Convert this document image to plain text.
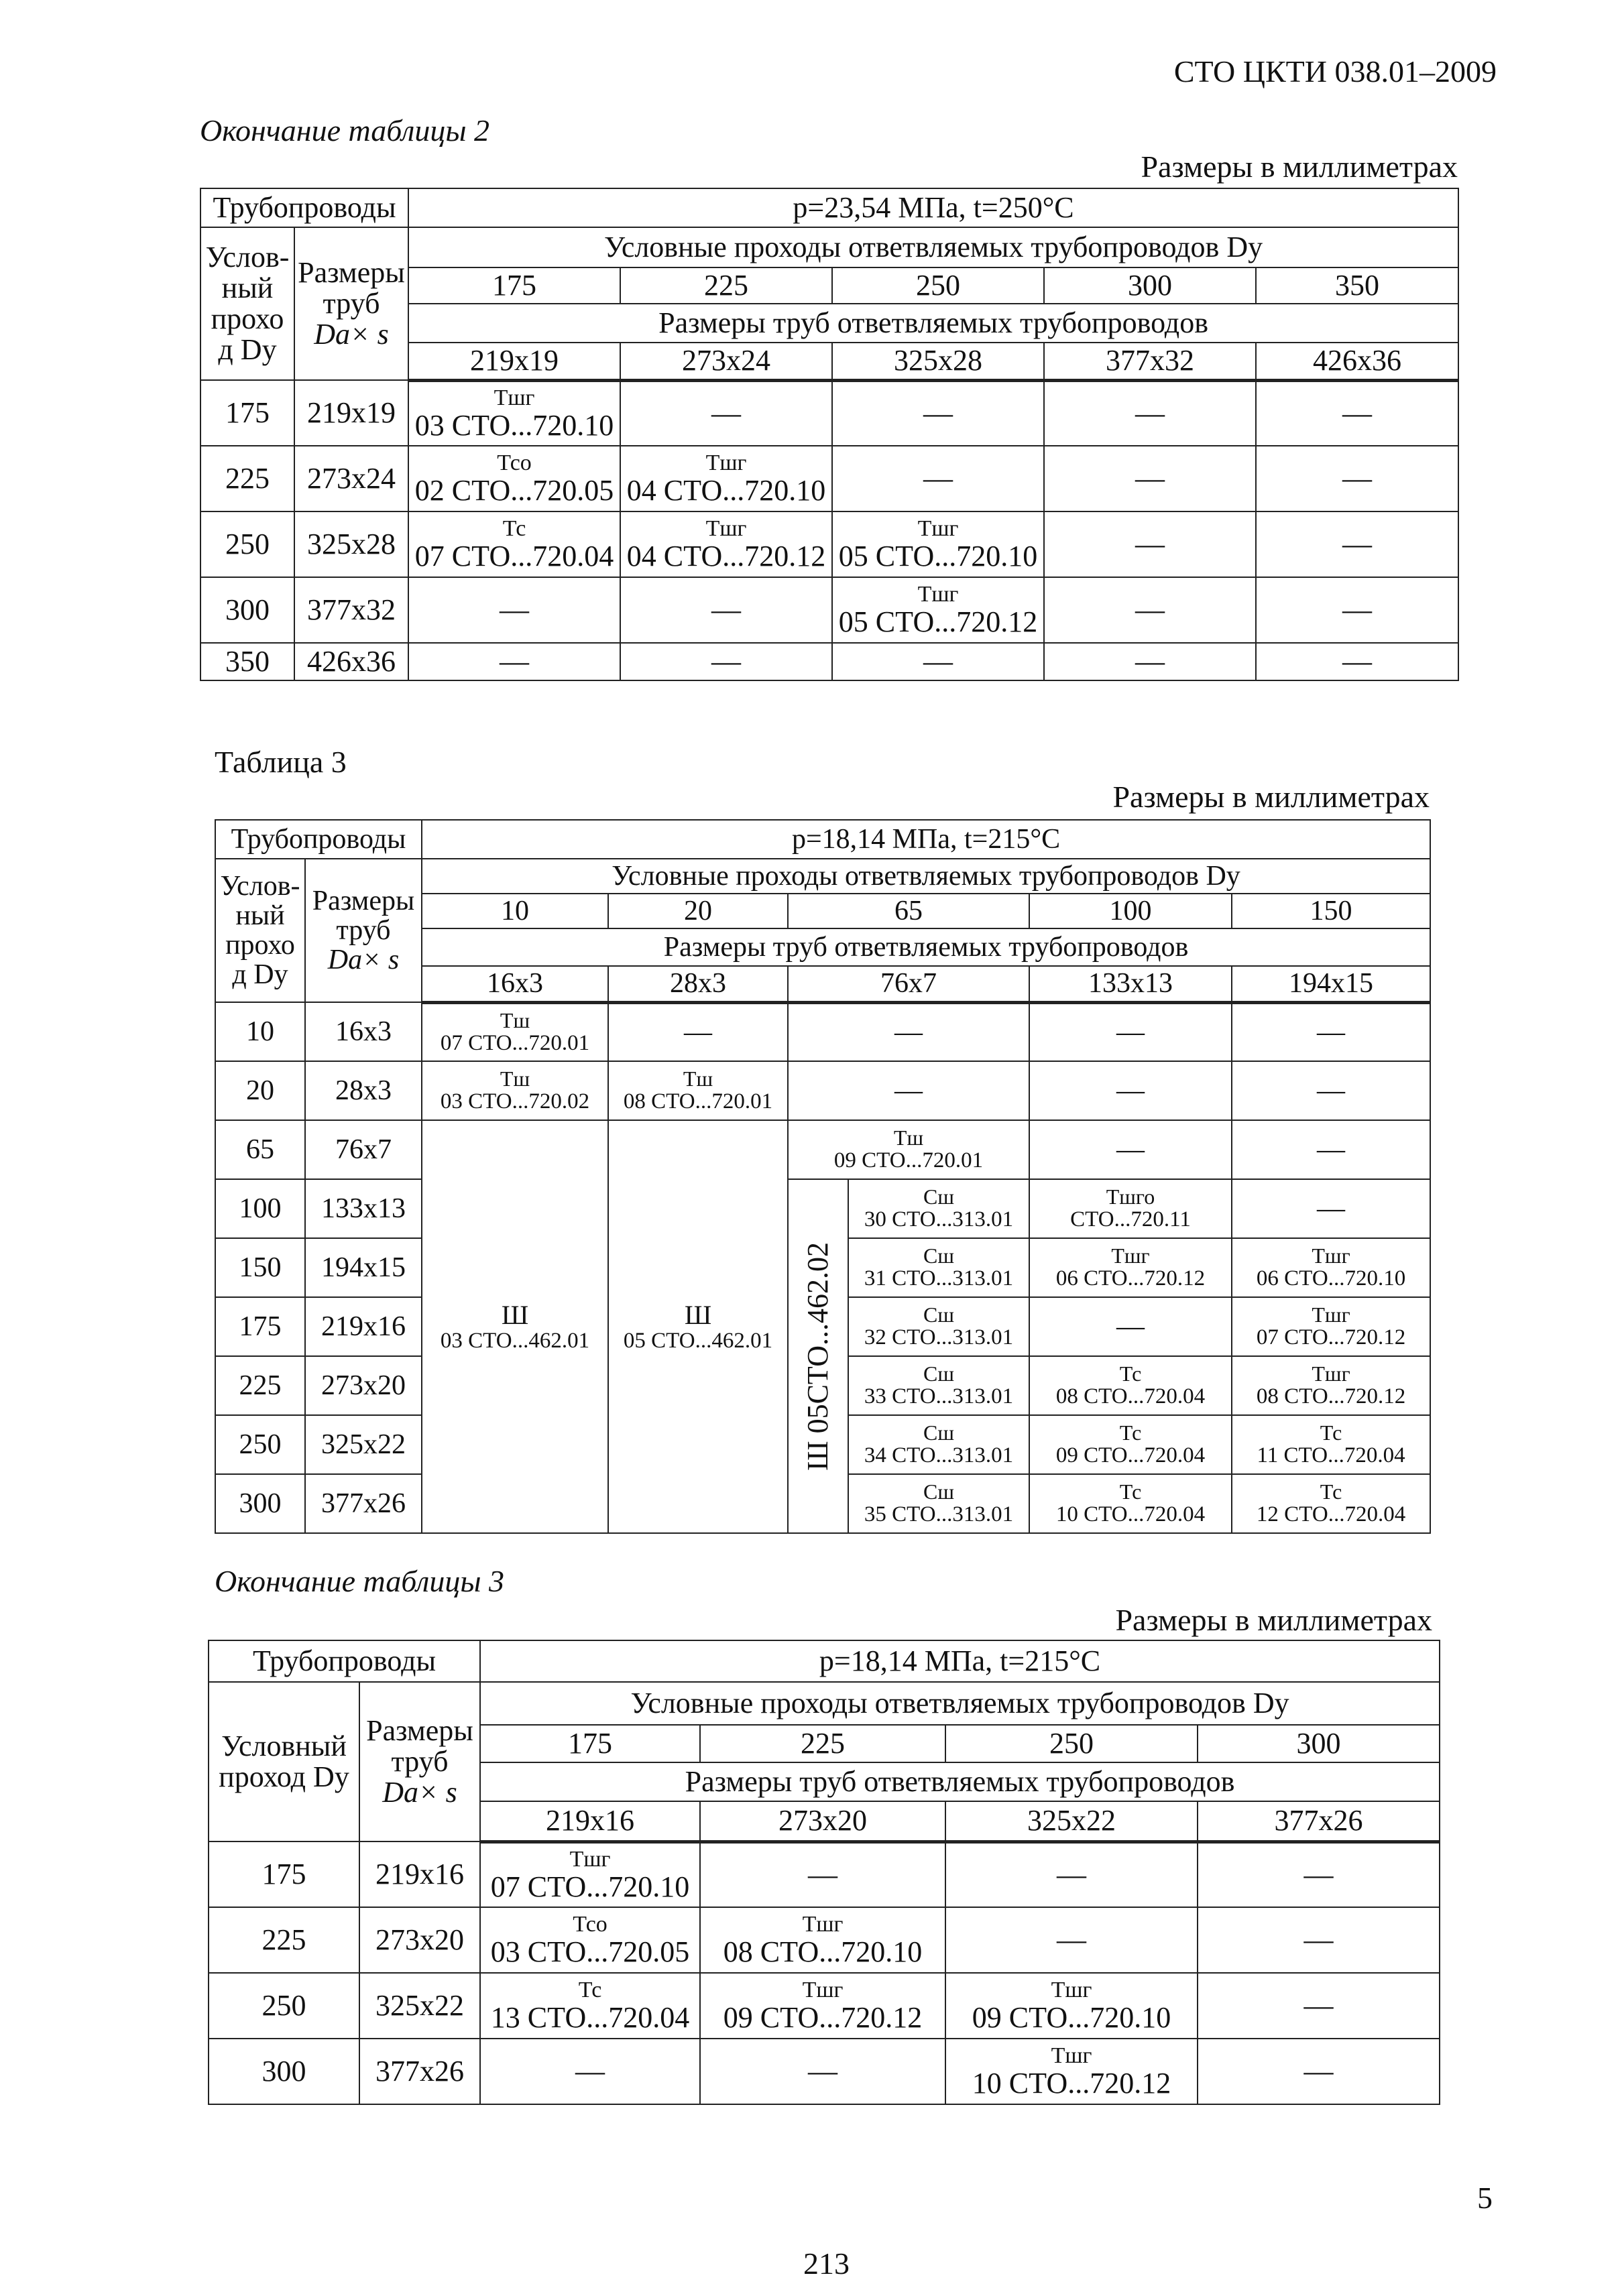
СТО ЦКТИ 038.01–2009
Окончание таблицы 2
Размеры в миллиметрах
Трубопроводы		p=23,54 МПа, t=250°С				

Услов-
ный
прохо
д Dу	Размеры
труб
Dа× s	Условные проходы ответвляемых трубопроводов Dу				
		175	225	250	300	350
		Размеры труб ответвляемых трубопроводов				
		219х19	273х24	325х28	377х32	426х36
175	219х19	Тшг
03 СТО...720.10	—	—	—	—
225	273х24	Тсо
02 СТО...720.05	Тшг
04 СТО...720.10	—	—	—
250	325х28	Тс
07 СТО...720.04	Тшг
04 СТО...720.12	Тшг
05 СТО...720.10	—	—
300	377х32	—	—	Тшг
05 СТО...720.12	—	—
350	426х36	—	—	—	—	—
Таблица 3
Размеры в миллиметрах
Трубопроводы		p=18,14 МПа, t=215°С					

Услов-
ный
прохо
д Dу	Размеры
труб
Dа× s	Условные проходы ответвляемых трубопроводов Dу					
		10	20	65		100	150
		Размеры труб ответвляемых трубопроводов					
		16х3	28х3	76х7		133х13	194х15
10	16х3	Тш
07 СТО...720.01	—	—		—	—
20	28х3	Тш
03 СТО...720.02	Тш
08 СТО...720.01	—		—	—
65	76х7	Ш
03 СТО...462.01	Ш
05 СТО...462.01	Тш
09 СТО...720.01		—	—
100	133х13			Ш 05СТО...462.02	Сш
30 СТО...313.01	Тшго
СТО...720.11	—
150	194х15				Сш
31 СТО...313.01	Тшг
06 СТО...720.12	Тшг
06 СТО...720.10

175	219х16				Сш
32 СТО...313.01	—	Тшг
07 СТО...720.12

225	273х20				Сш
33 СТО...313.01	Тс
08 СТО...720.04	Тшг
08 СТО...720.12

250	325х22				Сш
34 СТО...313.01	Тс
09 СТО...720.04	Тс
11 СТО...720.04

300	377х26				Сш
35 СТО...313.01	Тс
10 СТО...720.04	Тс
12 СТО...720.04
Окончание таблицы 3
Размеры в миллиметрах
Трубопроводы		p=18,14 МПа, t=215°С			

Условный
проход Dу	Размеры
труб
Dа× s	Условные проходы ответвляемых трубопроводов Dу			
		175	225	250	300
		Размеры труб ответвляемых трубопроводов			
		219х16	273х20	325х22	377х26
175	219х16	Тшг
07 СТО...720.10	—	—	—
225	273х20	Тсо
03 СТО...720.05	Тшг
08 СТО...720.10	—	—
250	325х22	Тс
13 СТО...720.04	Тшг
09 СТО...720.12	Тшг
09 СТО...720.10	—
300	377х26	—	—	Тшг
10 СТО...720.12	—
5
213
